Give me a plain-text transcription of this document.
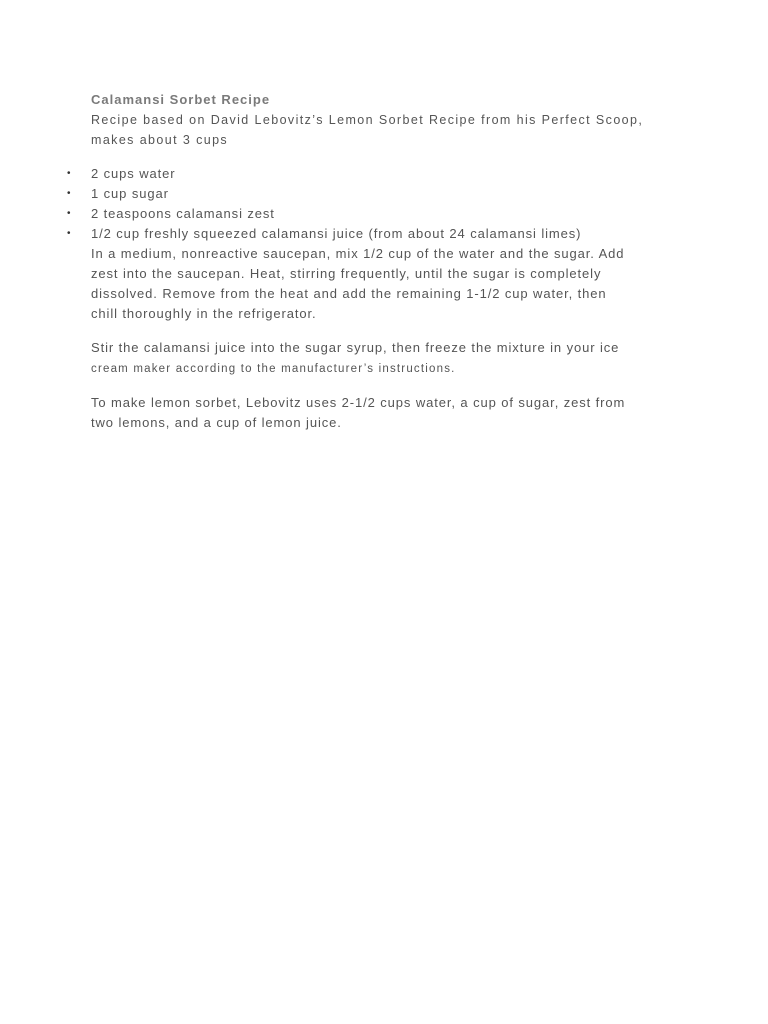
Calamansi Sorbet Recipe

Recipe based on David Lebovitz’s Lemon Sorbet Recipe from his Perfect Scoop,

makes about 3 cups

• 2 cups water
• 1 cup sugar
• 2 teaspoons calamansi zest
• 1/2 cup freshly squeezed calamansi juice (from about 24 calamansi limes)

In a medium, nonreactive saucepan, mix 1/2 cup of the water and the sugar. Add

zest into the saucepan. Heat, stirring frequently, until the sugar is completely

dissolved. Remove from the heat and add the remaining 1-1/2 cup water, then

chill thoroughly in the refrigerator.

Stir the calamansi juice into the sugar syrup, then freeze the mixture in your ice

cream maker according to the manufacturer’s instructions.

To make lemon sorbet, Lebovitz uses 2-1/2 cups water, a cup of sugar, zest from

two lemons, and a cup of lemon juice.
